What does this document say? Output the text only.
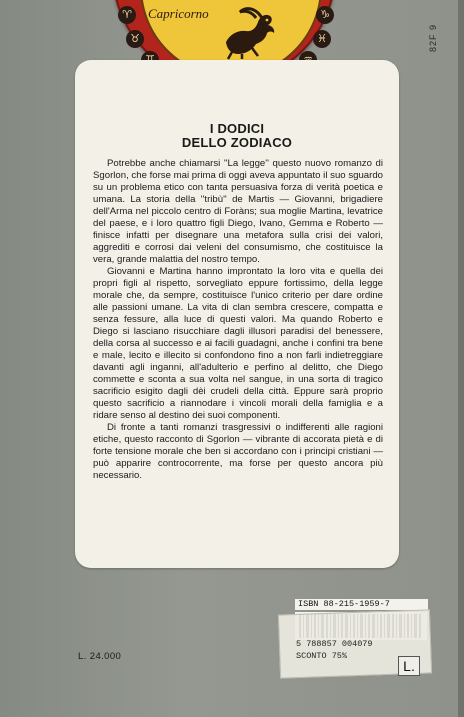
♈
♉	♓
♑
Capricorno
82F 9
I DODICI
DELLO ZODIACO

Potrebbe anche chiamarsi ''La legge'' questo nuovo romanzo di Sgorlon, che forse mai prima di oggi aveva appuntato il suo sguardo su un problema etico con tanta persuasiva forza di verità poetica e umana. La storia della ''tribù'' de Martis — Giovanni, brigadiere dell'Arma nel piccolo centro di Foràns; sua moglie Martina, levatrice del paese, e i loro quattro figli Diego, Ivano, Gemma e Roberto — finisce infatti per disegnare una metafora sulla crisi dei valori, aggrediti e corrosi dai veleni del consumismo, che costituisce la vera, grande malattia del nostro tempo.

Giovanni e Martina hanno improntato la loro vita e quella dei propri figli al rispetto, sorvegliato eppure fortissimo, della legge morale che, da sempre, costituisce l'unico criterio per dare ordine alle passioni umane. La vita di clan sembra crescere, compatta e senza fessure, alla luce di questi valori. Ma quando Roberto e Diego si lasciano risucchiare dagli illusori paradisi del benessere, della corsa al successo e ai facili guadagni, anche i confini tra bene e male, lecito e illecito si confondono fino a non farli indietreggiare davanti agli inganni, all'adulterio e perfino al delitto, che Diego commette e sconta a sua volta nel sangue, in una sorta di tragico sacrificio esigito dagli dèi crudeli della città. Eppure sarà proprio questo sacrificio a riannodare i vincoli morali della famiglia e a ridare senso al destino dei suoi componenti.

Di fronte a tanti romanzi trasgressivi o indifferenti alle ragioni etiche, questo racconto di Sgorlon — vibrante di accorata pietà e di forte tensione morale che ben si accordano con i principi cristiani — può apparire controcorrente, ma forse per questo ancora più necessario.

ISBN 88-215-1959-7
5 788857 004079
SCONTO 75%
L.
L. 24.000
